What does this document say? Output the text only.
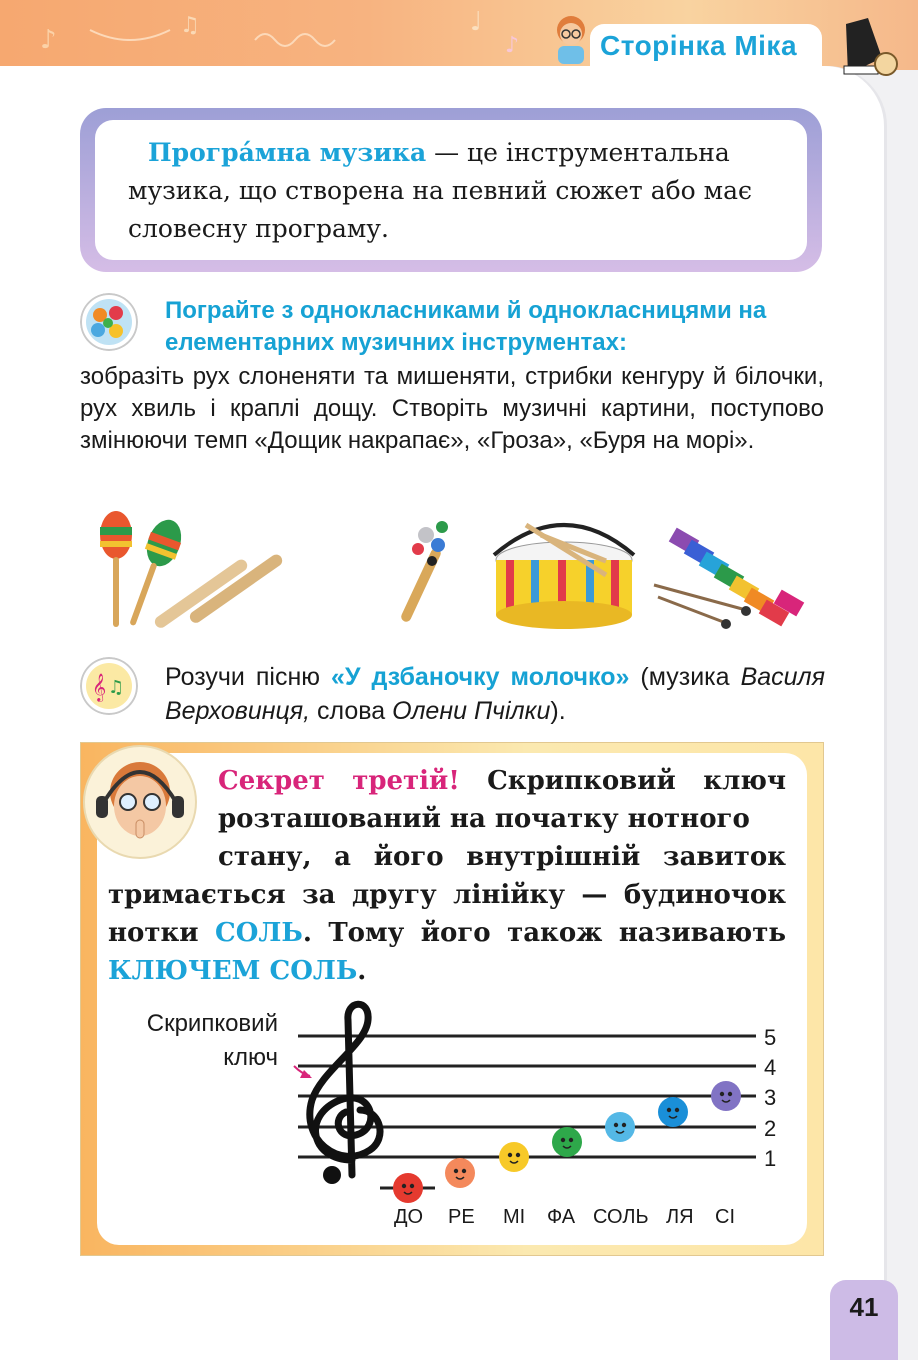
♪	♫	♩
♪	Сторінка Міка
Програ́мна музика — це інструментальна музика, що створена на певний сюжет або має словесну програму.
Пограйте з однокласниками й однокласницями на елементарних музичних інструментах:
зобразіть рух слоненяти та мишеняти, стрибки кенгуру й білочки, рух хвиль і краплі дощу. Створіть музичні картини, поступово змінюючи темп «Дощик накрапає», «Гроза», «Буря на морі».
𝄞 ♫ Розучи пісню «У дзбаночку молочко» (музика Василя Верховинця, слова Олени Пчілки).
Секрет третій! Скрипковий ключ розташований на початку нотного
Скрипковий
ключ
5
4
3
2
1
ДО РЕ МІ ФА СОЛЬ ЛЯ СІ
41
стану, а його внутрішній завиток тримається за другу лінійку — будиночок нотки СОЛЬ. Тому його також називають КЛЮЧЕМ СОЛЬ.
